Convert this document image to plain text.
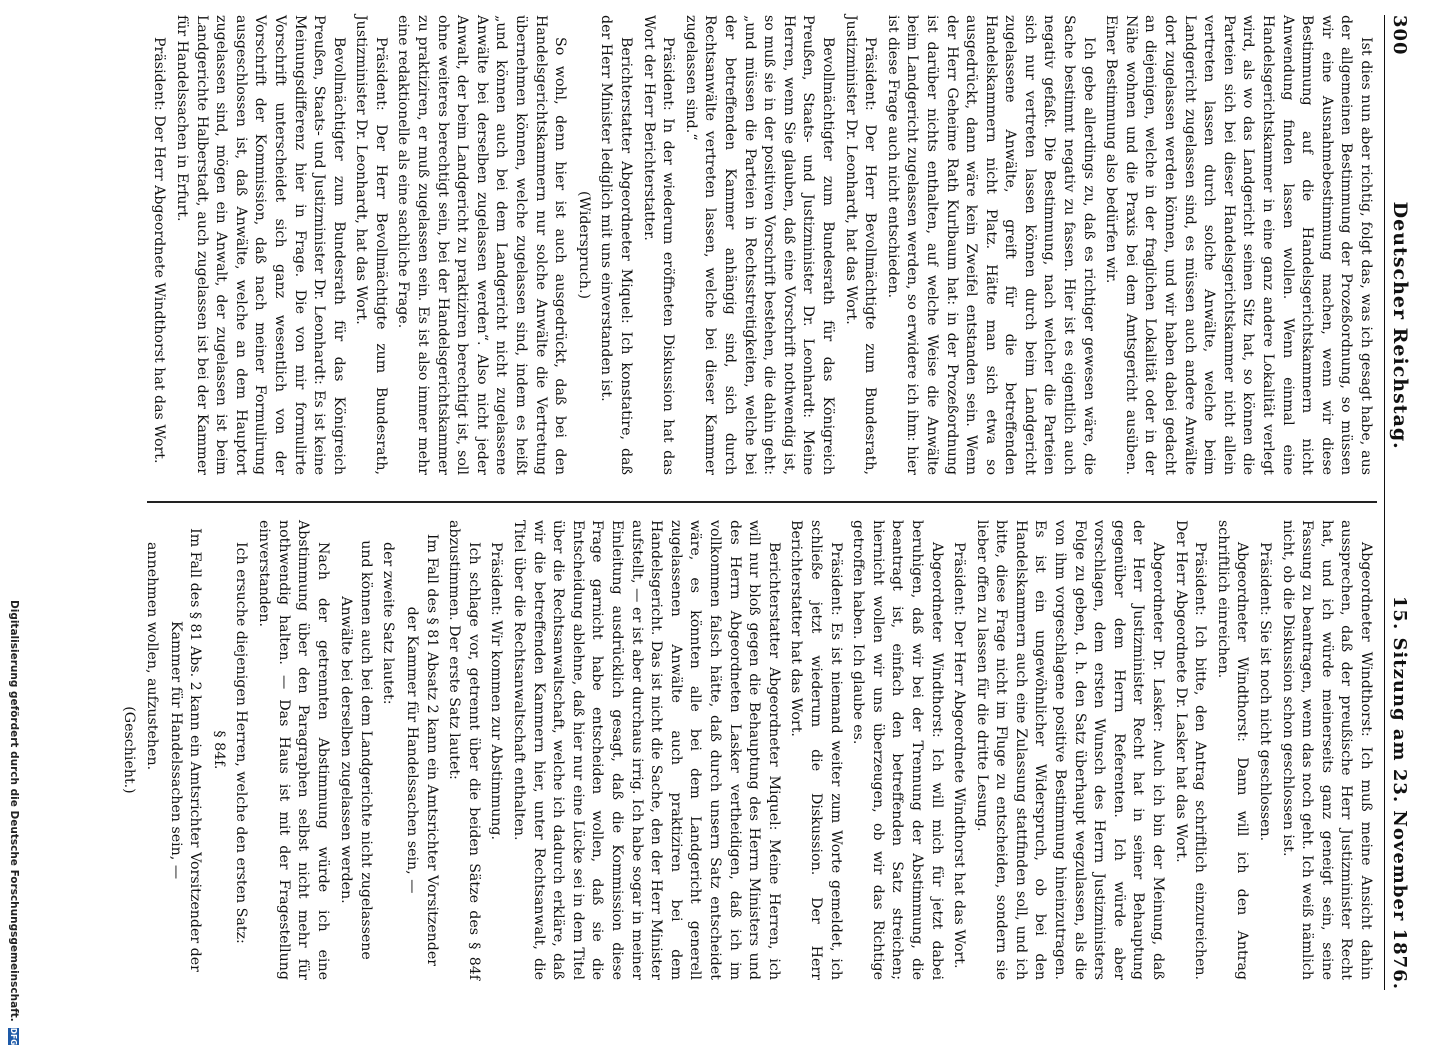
300
Deutscher Reichstag.
15. Sitzung am 23. November 1876.

Ist dies nun aber richtig, folgt das, was ich gesagt habe, aus der allgemeinen Bestimmung der Prozeßordnung, so müssen wir eine Ausnahmebestimmung machen, wenn wir diese Bestimmung auf die Handelsgerichtskammern nicht Anwendung finden lassen wollen. Wenn einmal eine Handelsgerichtskammer in eine ganz andere Lokalität verlegt wird, als wo das Landgericht seinen Sitz hat, so können die Parteien sich bei dieser Handelsgerichtskammer nicht allein vertreten lassen durch solche Anwälte, welche beim Landgericht zugelassen sind, es müssen auch andere Anwälte dort zugelassen werden können, und wir haben dabei gedacht an diejenigen, welche in der fraglichen Lokalität oder in der Nähe wohnen und die Praxis bei dem Amtsgericht ausüben. Einer Bestimmung also bedürfen wir.

Ich gebe allerdings zu, daß es richtiger gewesen wäre, die Sache bestimmt negativ zu fassen. Hier ist es eigentlich auch negativ gefaßt. Die Bestimmung, nach welcher die Parteien sich nur vertreten lassen können durch beim Landgericht zugelassene Anwälte, greift für die betreffenden Handelskammern nicht Platz. Hätte man sich etwa so ausgedrückt, dann wäre kein Zweifel entstanden sein. Wenn der Herr Geheime Rath Kurlbaum hat: in der Prozeßordnung ist darüber nichts enthalten, auf welche Weise die Anwälte beim Landgericht zugelassen werden, so erwidere ich ihm: hier ist diese Frage auch nicht entschieden.

Präsident: Der Herr Bevollmächtigte zum Bundesrath, Justizminister Dr. Leonhardt, hat das Wort.

Bevollmächtigter zum Bundesrath für das Königreich Preußen, Staats- und Justizminister Dr. Leonhardt: Meine Herren, wenn Sie glauben, daß eine Vorschrift nothwendig ist, so muß sie in der positiven Vorschrift bestehen, die dahin geht: „und müssen die Parteien in Rechtsstreitigkeiten, welche bei der betreffenden Kammer anhängig sind, sich durch Rechtsanwälte vertreten lassen, welche bei dieser Kammer zugelassen sind.“

Präsident: In der wiederum eröffneten Diskussion hat das Wort der Herr Berichterstatter.

Berichterstatter Abgeordneter Miquel: Ich konstatire, daß der Herr Minister lediglich mit uns einverstanden ist.

(Widerspruch.)

So wohl, denn hier ist auch ausgedrückt, daß bei den Handelsgerichtskammern nur solche Anwälte die Vertretung übernehmen können, welche zugelassen sind, indem es heißt „und können auch bei dem Landgericht nicht zugelassene Anwälte bei derselben zugelassen werden“. Also nicht jeder Anwalt, der beim Landgericht zu praktiziren berechtigt ist, soll ohne weiteres berechtigt sein, bei der Handelsgerichtskammer zu praktiziren, er muß zugelassen sein. Es ist also immer mehr eine redaktionelle als eine sachliche Frage.

Präsident: Der Herr Bevollmächtigte zum Bundesrath, Justizminister Dr. Leonhardt, hat das Wort.

Bevollmächtigter zum Bundesrath für das Königreich Preußen, Staats- und Justizminister Dr. Leonhardt: Es ist keine Meinungsdifferenz hier in Frage. Die von mir formulirte Vorschrift unterscheidet sich ganz wesentlich von der Vorschrift der Kommission, daß nach meiner Formulirung ausgeschlossen ist, daß Anwälte, welche an dem Hauptort zugelassen sind, mögen ein Anwalt, der zugelassen ist beim Landgerichte Halberstadt, auch zugelassen ist bei der Kammer für Handelssachen in Erfurt.

Präsident: Der Herr Abgeordnete Windthorst hat das Wort.

Abgeordneter Windthorst: Ich muß meine Ansicht dahin aussprechen, daß der preußische Herr Justizminister Recht hat, und ich würde meinerseits ganz geneigt sein, seine Fassung zu beantragen, wenn das noch geht. Ich weiß nämlich nicht, ob die Diskussion schon geschlossen ist.

Präsident: Sie ist noch nicht geschlossen.

Abgeordneter Windthorst: Dann will ich den Antrag schriftlich einreichen.

Präsident: Ich bitte, den Antrag schriftlich einzureichen. Der Herr Abgeordnete Dr. Lasker hat das Wort.

Abgeordneter Dr. Lasker: Auch ich bin der Meinung, daß der Herr Justizminister Recht hat in seiner Behauptung gegenüber dem Herrn Referenten. Ich würde aber vorschlagen, dem ersten Wunsch des Herrn Justizministers Folge zu geben, d. h. den Satz überhaupt wegzulassen, als die von ihm vorgeschlagene positive Bestimmung hineinzutragen. Es ist ein ungewöhnlicher Widerspruch, ob bei den Handelskammern auch eine Zulassung stattfinden soll, und ich bitte, diese Frage nicht im Fluge zu entscheiden, sondern sie lieber offen zu lassen für die dritte Lesung.

Präsident: Der Herr Abgeordnete Windthorst hat das Wort.

Abgeordneter Windthorst: Ich will mich für jetzt dabei beruhigen, daß wir bei der Trennung der Abstimmung, die beantragt ist, einfach den betreffenden Satz streichen; hiernicht wollen wir uns überzeugen, ob wir das Richtige getroffen haben. Ich glaube es.

Präsident: Es ist niemand weiter zum Worte gemeldet, ich schließe jetzt wiederum die Diskussion. Der Herr Berichterstatter hat das Wort.

Berichterstatter Abgeordneter Miquel: Meine Herren, ich will nur bloß gegen die Behauptung des Herrn Ministers und des Herrn Abgeordneten Lasker vertheidigen, daß ich im vollkommen falsch hätte, daß durch unsern Satz entscheidet wäre, es könnten alle bei dem Landgericht generell zugelassenen Anwälte auch praktiziren bei dem Handelsgericht. Das ist nicht die Sache, den der Herr Minister aufstellt, — er ist aber durchaus irrig. Ich habe sogar in meiner Einleitung ausdrücklich gesagt, daß die Kommission diese Frage garnicht habe entscheiden wollen, daß sie die Entscheidung ablehne, daß hier nur eine Lücke sei in dem Titel über die Rechtsanwaltschaft, welche ich dadurch erkläre, daß wir die betreffenden Kammern hier, unter Rechtsanwalt, die Titel über die Rechtsanwaltschaft enthalten.

Präsident: Wir kommen zur Abstimmung.

Ich schlage vor, getrennt über die beiden Sätze des § 84f abzustimmen. Der erste Satz lautet:

Im Fall des § 81 Absatz 2 kann ein Amtsrichter Vorsitzender der Kammer für Handelssachen sein, —

der zweite Satz lautet:

und können auch bei dem Landgerichte nicht zugelassene Anwälte bei derselben zugelassen werden.

Nach der getrennten Abstimmung würde ich eine Abstimmung über den Paragraphen selbst nicht mehr für nothwendig halten. — Das Haus ist mit der Fragestellung einverstanden.

Ich ersuche diejenigen Herren, welche den ersten Satz:

§ 84f.

Im Fall des § 81 Abs. 2 kann ein Amtsrichter Vorsitzender der Kammer für Handelssachen sein, —

annehmen wollen, aufzustehen.

(Geschieht.)

Digitalisierung gefördert durch die Deutsche Forschungsgemeinschaft.
DFG
